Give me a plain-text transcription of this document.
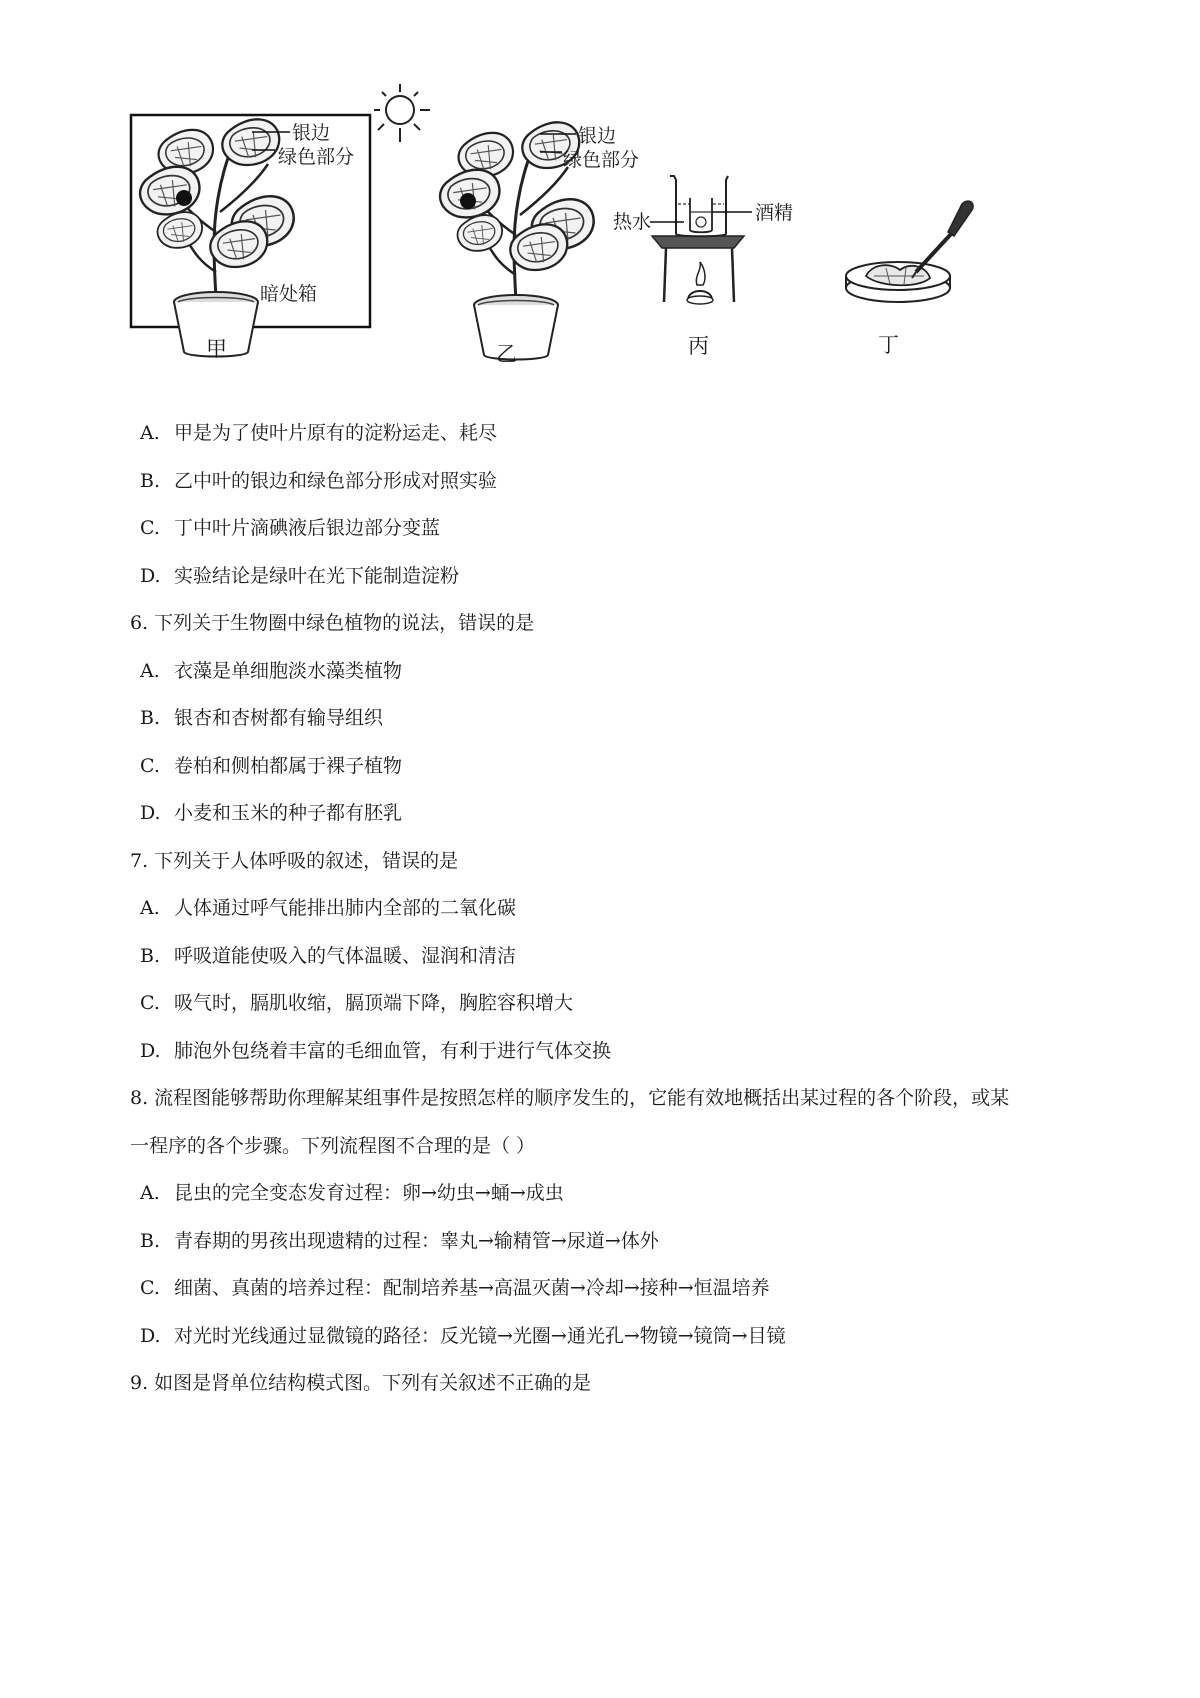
银边
绿色部分
暗处箱
甲
银边
绿色部分
乙
热水	酒精
丙	丁
A. 甲是为了使叶片原有的淀粉运走、耗尽
B. 乙中叶的银边和绿色部分形成对照实验
C. 丁中叶片滴碘液后银边部分变蓝
D. 实验结论是绿叶在光下能制造淀粉
6. 下列关于生物圈中绿色植物的说法，错误的是
A. 衣藻是单细胞淡水藻类植物
B. 银杏和杏树都有输导组织
C. 卷柏和侧柏都属于裸子植物
D. 小麦和玉米的种子都有胚乳
7. 下列关于人体呼吸的叙述，错误的是
A. 人体通过呼气能排出肺内全部的二氧化碳
B. 呼吸道能使吸入的气体温暖、湿润和清洁
C. 吸气时，膈肌收缩，膈顶端下降，胸腔容积增大
D. 肺泡外包绕着丰富的毛细血管，有利于进行气体交换
8. 流程图能够帮助你理解某组事件是按照怎样的顺序发生的，它能有效地概括出某过程的各个阶段，或某
一程序的各个步骤。下列流程图不合理的是（ ）
A. 昆虫的完全变态发育过程：卵→幼虫→蛹→成虫
B. 青春期的男孩出现遗精的过程：睾丸→输精管→尿道→体外
C. 细菌、真菌的培养过程：配制培养基→高温灭菌→冷却→接种→恒温培养
D. 对光时光线通过显微镜的路径：反光镜→光圈→通光孔→物镜→镜筒→目镜
9. 如图是肾单位结构模式图。下列有关叙述不正确的是
